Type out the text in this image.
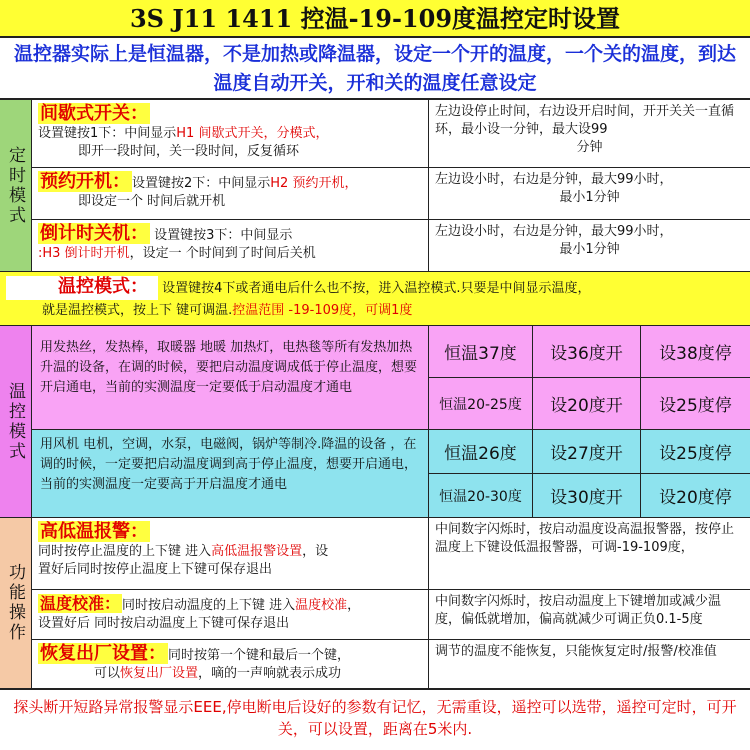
3S J11 1411 控温-19-109度温控定时设置
温控器实际上是恒温器，不是加热或降温器，设定一个开的温度，一个关的温度，到达温度自动开关，开和关的温度任意设定
定时模式
间歇式开关：
设置键按1下：中间显示H1 间歇式开关，分模式，

即开一段时间，关一段时间，反复循环
左边设停止时间，右边设开启时间，开开关关一直循环，最小设一分钟，最大设99
分钟
预约开机： 设置键按2下：中间显示H2 预约开机，

即设定一个 时间后就开机
左边设小时，右边是分钟，最大99小时，
最小1分钟
倒计时关机： 设置键按3下：中间显示
:H3 倒计时开机，设定一 个时间到了时间后关机
左边设小时，右边是分钟，最大99小时，
最小1分钟
温控模式： 设置键按4下或者通电后什么也不按，进入温控模式.只要是中间显示温度，
就是温控模式，按上下 键可调温.控温范围 -19-109度，可调1度
温控模式
用发热丝，发热棒，取暖器 地暖 加热灯，电热毯等所有发热加热升温的设备，在调的时候，要把启动温度调成低于停止温度，想要开启通电，当前的实测温度一定要低于启动温度才通电
恒温37度	设36度开	设38度停
恒温20-25度	设20度开	设25度停
用风机 电机，空调，水泵，电磁阀，锅炉等制冷.降温的设备 ，在调的时候，一定要把启动温度调到高于停止温度，想要开启通电，当前的实测温度一定要高于开启温度才通电
恒温26度	设27度开	设25度停
恒温20-30度	设30度开	设20度停
功能操作
高低温报警：
同时按停止温度的上下键 进入高低温报警设置，设
置好后同时按停止温度上下键可保存退出
中间数字闪烁时，按启动温度设高温报警器，按停止温度上下键设低温报警器，可调-19-109度，
温度校准： 同时按启动温度的上下键 进入温度校准，
设置好后 同时按启动温度上下键可保存退出
中间数字闪烁时，按启动温度上下键增加或减少温度，偏低就增加，偏高就减少可调正负0.1-5度
恢复出厂设置： 同时按第一个键和最后一个键，
可以恢复出厂设置，嘀的一声响就表示成功
调节的温度不能恢复，只能恢复定时/报警/校准值
探头断开短路异常报警显示EEE,停电断电后设好的参数有记忆，无需重设，遥控可以选带，遥控可定时，可开关，可以设置，距离在5米内.
